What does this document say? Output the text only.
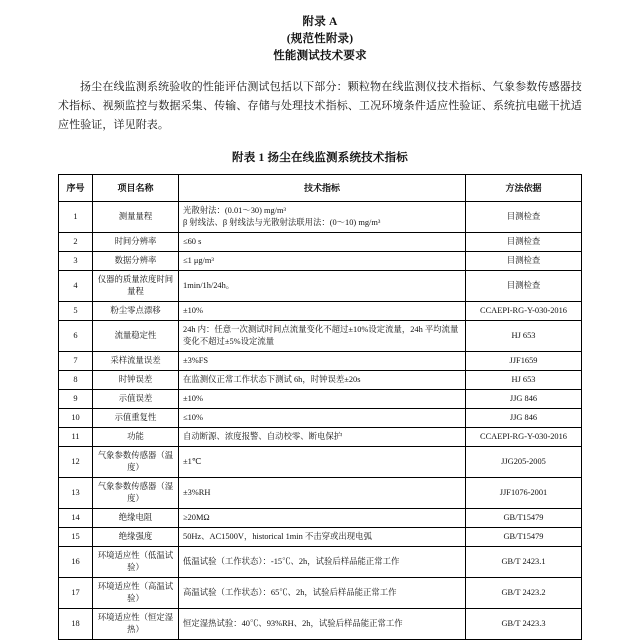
附录 A
(规范性附录)
性能测试技术要求
扬尘在线监测系统验收的性能评估测试包括以下部分：颗粒物在线监测仪技术指标、气象参数传感器技术指标、视频监控与数据采集、传输、存储与处理技术指标、工况环境条件适应性验证、系统抗电磁干扰适应性验证，详见附表。
附表 1 扬尘在线监测系统技术指标
序号	项目名称	技术指标	方法依据
1	测量量程	光散射法：(0.01～30) mg/m³
β 射线法、β 射线法与光散射法联用法：(0～10) mg/m³	目测检查
2	时间分辨率	≤60 s	目测检查
3	数据分辨率	≤1 μg/m³	目测检查
4	仪器的质量浓度时间量程	1min/1h/24h。	目测检查
5	粉尘零点漂移	±10%	CCAEPI-RG-Y-030-2016
6	流量稳定性	24h 内：任意一次测试时间点流量变化不超过±10%设定流量，24h 平均流量变化不超过±5%设定流量	HJ 653
7	采样流量误差	±3%FS	JJF1659
8	时钟误差	在监测仪正常工作状态下测试 6h，时钟误差±20s	HJ 653
9	示值误差	±10%	JJG 846
10	示值重复性	≤10%	JJG 846
11	功能	自动断源、浓度报警、自动校零、断电保护	CCAEPI-RG-Y-030-2016
12	气象参数传感器（温度）	±1℃	JJG205-2005
13	气象参数传感器（湿度）	±3%RH	JJF1076-2001
14	绝缘电阻	≥20MΩ	GB/T15479
15	绝缘强度	50Hz、AC1500V，historical 1min 不击穿或出现电弧	GB/T15479
16	环境适应性（低温试验）	低温试验（工作状态）：-15℃、2h，试验后样品能正常工作	GB/T 2423.1
17	环境适应性（高温试验）	高温试验（工作状态）：65℃、2h，试验后样品能正常工作	GB/T 2423.2
18	环境适应性（恒定湿热）	恒定湿热试验：40℃、93%RH、2h，试验后样品能正常工作	GB/T 2423.3
